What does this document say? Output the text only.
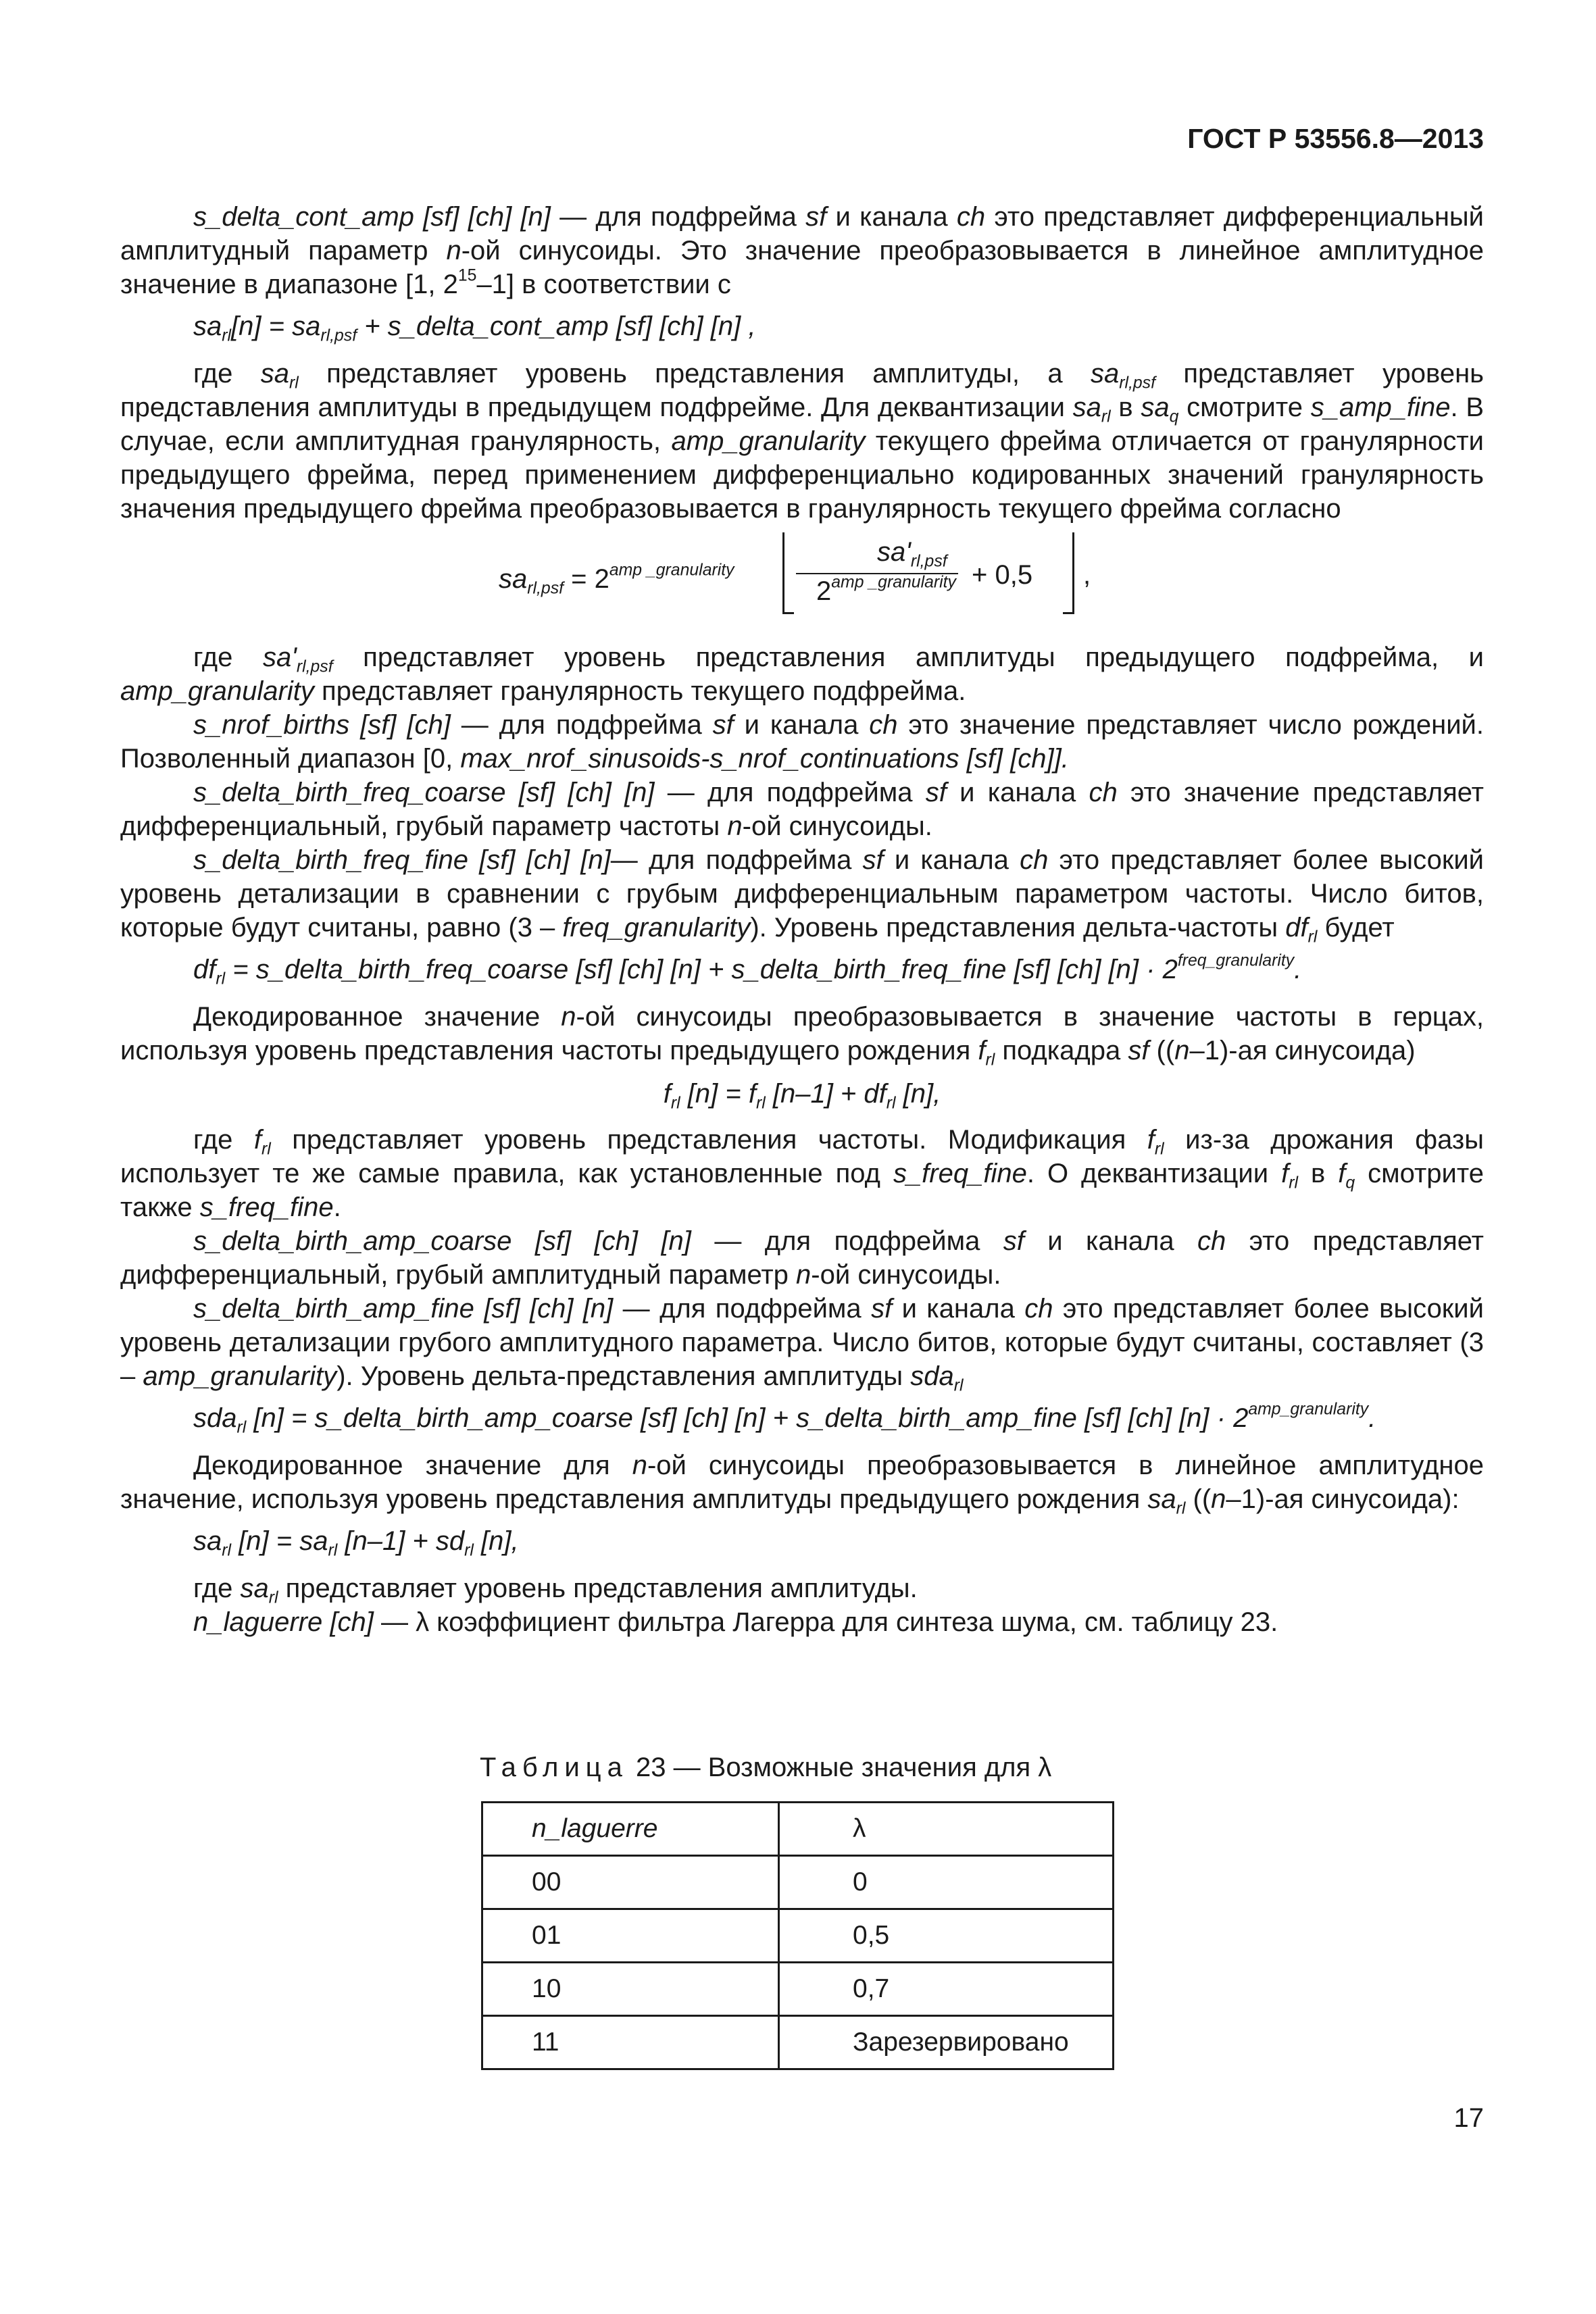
ГОСТ Р 53556.8—2013

s_delta_cont_amp [sf] [ch] [n] — для подфрейма sf и канала ch это представляет дифференциальный амплитудный параметр n-ой синусоиды. Это значение преобразовывается в линейное амплитудное значение в диапазоне [1, $2^{15}-1$] в соответствии с

$sa_{rl}[n] = sa_{rl,psf}$ + s_delta_cont_amp [sf] [ch] [n] ,

где $sa_{rl}$ представляет уровень представления амплитуды, а $sa_{rl,psf}$ представляет уровень представления амплитуды в предыдущем подфрейме. Для деквантизации $sa_{rl}$ в $sa_q$ смотрите s_amp_fine. В случае, если амплитудная гранулярность, amp_granularity текущего фрейма отличается от гранулярности предыдущего фрейма, перед применением дифференциально кодированных значений гранулярность значения предыдущего фрейма преобразовывается в гранулярность текущего фрейма согласно

$sa_{rl,psf} = 2^{amp \_granularity}$
$sa'_{rl,psf}$
$2^{amp \_granularity} + 0,5$ ,

где $sa'_{rl,psf}$ представляет уровень представления амплитуды предыдущего подфрейма, и amp_granularity представляет гранулярность текущего подфрейма.

s_nrof_births [sf] [ch] — для подфрейма sf и канала ch это значение представляет число рождений. Позволенный диапазон [0, max_nrof_sinusoids-s_nrof_continuations [sf] [ch]].

s_delta_birth_freq_coarse [sf] [ch] [n] — для подфрейма sf и канала ch это значение представляет дифференциальный, грубый параметр частоты n-ой синусоиды.

s_delta_birth_freq_fine [sf] [ch] [n]— для подфрейма sf и канала ch это представляет более высокий уровень детализации в сравнении с грубым дифференциальным параметром частоты. Число битов, которые будут считаны, равно (3 – freq_granularity). Уровень представления дельта-частоты $df_{rl}$ будет

$df_{rl}$ = s_delta_birth_freq_coarse [sf] [ch] [n] + s_delta_birth_freq_fine [sf] [ch] $[n] \cdot 2^{freq\_granularity}$.

Декодированное значение n-ой синусоиды преобразовывается в значение частоты в герцах, используя уровень представления частоты предыдущего рождения $f_{rl}$ подкадра sf ((n–1)-ая синусоида)

$f_{rl}$ $[n] = f_{rl}$ $[n-1] + df_{rl}$ [n],

где $f_{rl}$ представляет уровень представления частоты. Модификация $f_{rl}$ из-за дрожания фазы использует те же самые правила, как установленные под s_freq_fine. О деквантизации $f_{rl}$ в $f_q$ смотрите также s_freq_fine.

s_delta_birth_amp_coarse [sf] [ch] [n] — для подфрейма sf и канала ch это представляет дифференциальный, грубый амплитудный параметр n-ой синусоиды.

s_delta_birth_amp_fine [sf] [ch] [n] — для подфрейма sf и канала ch это представляет более высокий уровень детализации грубого амплитудного параметра. Число битов, которые будут считаны, составляет (3 – amp_granularity). Уровень дельта-представления амплитуды sda$_{rl}$

sda$_{rl}$ [n] = s_delta_birth_amp_coarse [sf] [ch] [n] + s_delta_birth_amp_fine [sf] [ch] $[n] \cdot 2^{amp\_granularity}$.

Декодированное значение для n-ой синусоиды преобразовывается в линейное амплитудное значение, используя уровень представления амплитуды предыдущего рождения $sa_{rl}$ ((n–1)-ая синусоида):

$sa_{rl}$ $[n] = sa_{rl}$ $[n-1] + sd_{rl}$ [n],

где $sa_{rl}$ представляет уровень представления амплитуды.

n_laguerre [ch] — λ коэффициент фильтра Лагерра для синтеза шума, см. таблицу 23.

Таблица 23 — Возможные значения для λ
n_laguerre	λ
00	0
01	0,5
10	0,7
11	Зарезервировано
17
